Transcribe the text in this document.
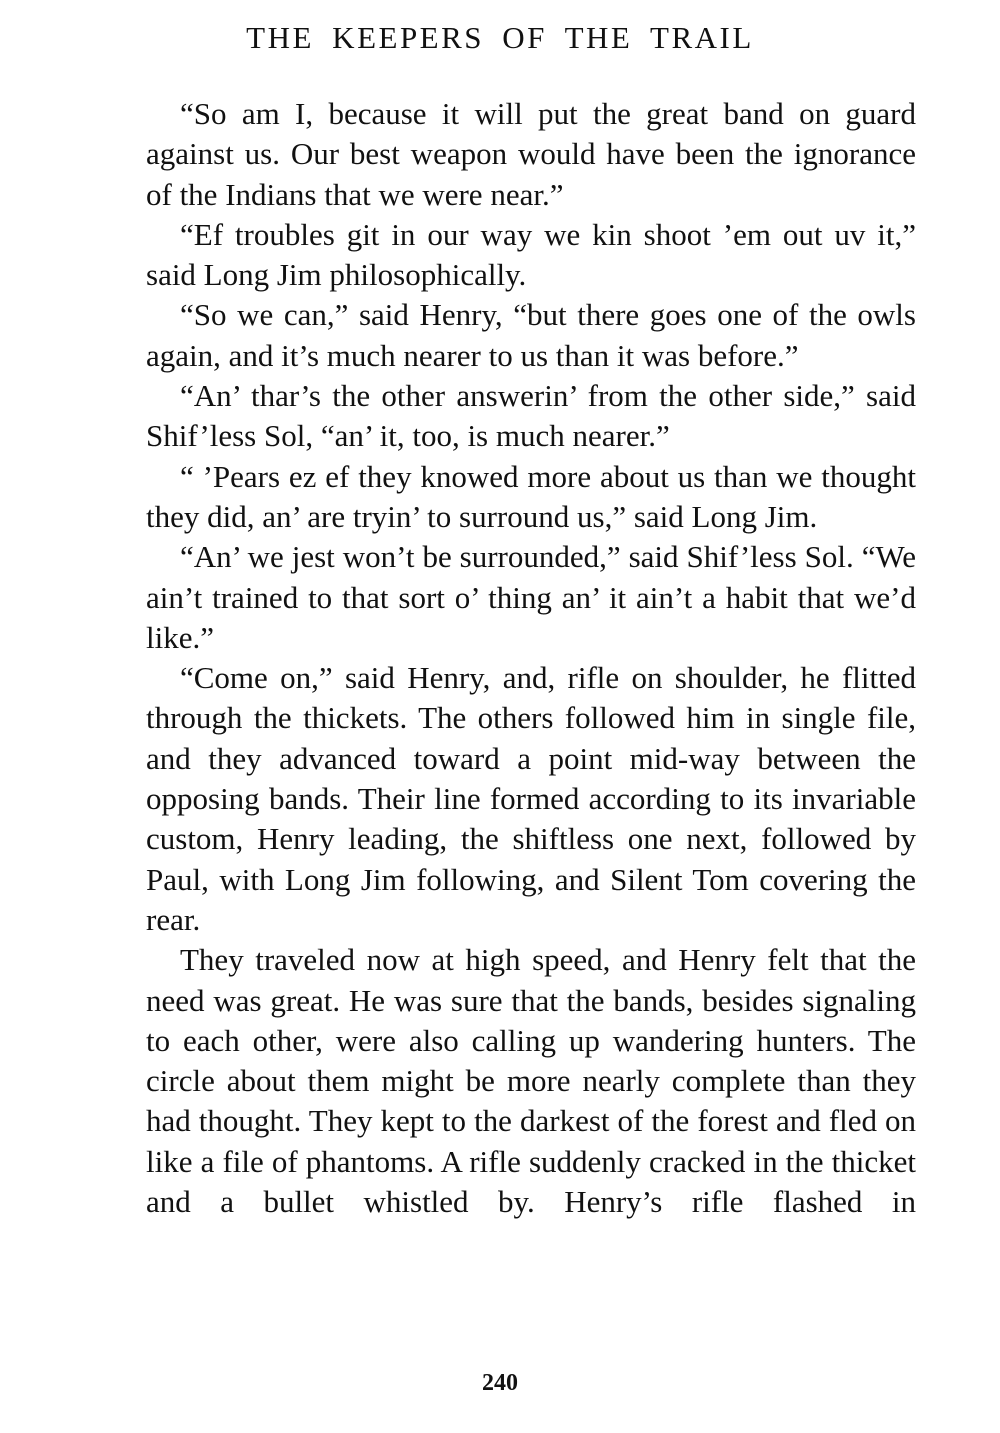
THE KEEPERS OF THE TRAIL

“So am I, because it will put the great band on guard against us. Our best weapon would have been the ignorance of the Indians that we were near.”

“Ef troubles git in our way we kin shoot ’em out uv it,” said Long Jim philosophically.

“So we can,” said Henry, “but there goes one of the owls again, and it’s much nearer to us than it was before.”

“An’ thar’s the other answerin’ from the other side,” said Shif’less Sol, “an’ it, too, is much nearer.”

“ ’Pears ez ef they knowed more about us than we thought they did, an’ are tryin’ to surround us,” said Long Jim.

“An’ we jest won’t be surrounded,” said Shif’less Sol. “We ain’t trained to that sort o’ thing an’ it ain’t a habit that we’d like.”

“Come on,” said Henry, and, rifle on shoulder, he flitted through the thickets. The others followed him in single file, and they advanced toward a point mid-way between the opposing bands. Their line formed according to its invariable custom, Henry leading, the shiftless one next, followed by Paul, with Long Jim following, and Silent Tom covering the rear.

They traveled now at high speed, and Henry felt that the need was great. He was sure that the bands, besides signaling to each other, were also calling up wandering hunters. The circle about them might be more nearly complete than they had thought. They kept to the darkest of the forest and fled on like a file of phantoms. A rifle suddenly cracked in the thicket and a bullet whistled by. Henry’s rifle flashed in

240
